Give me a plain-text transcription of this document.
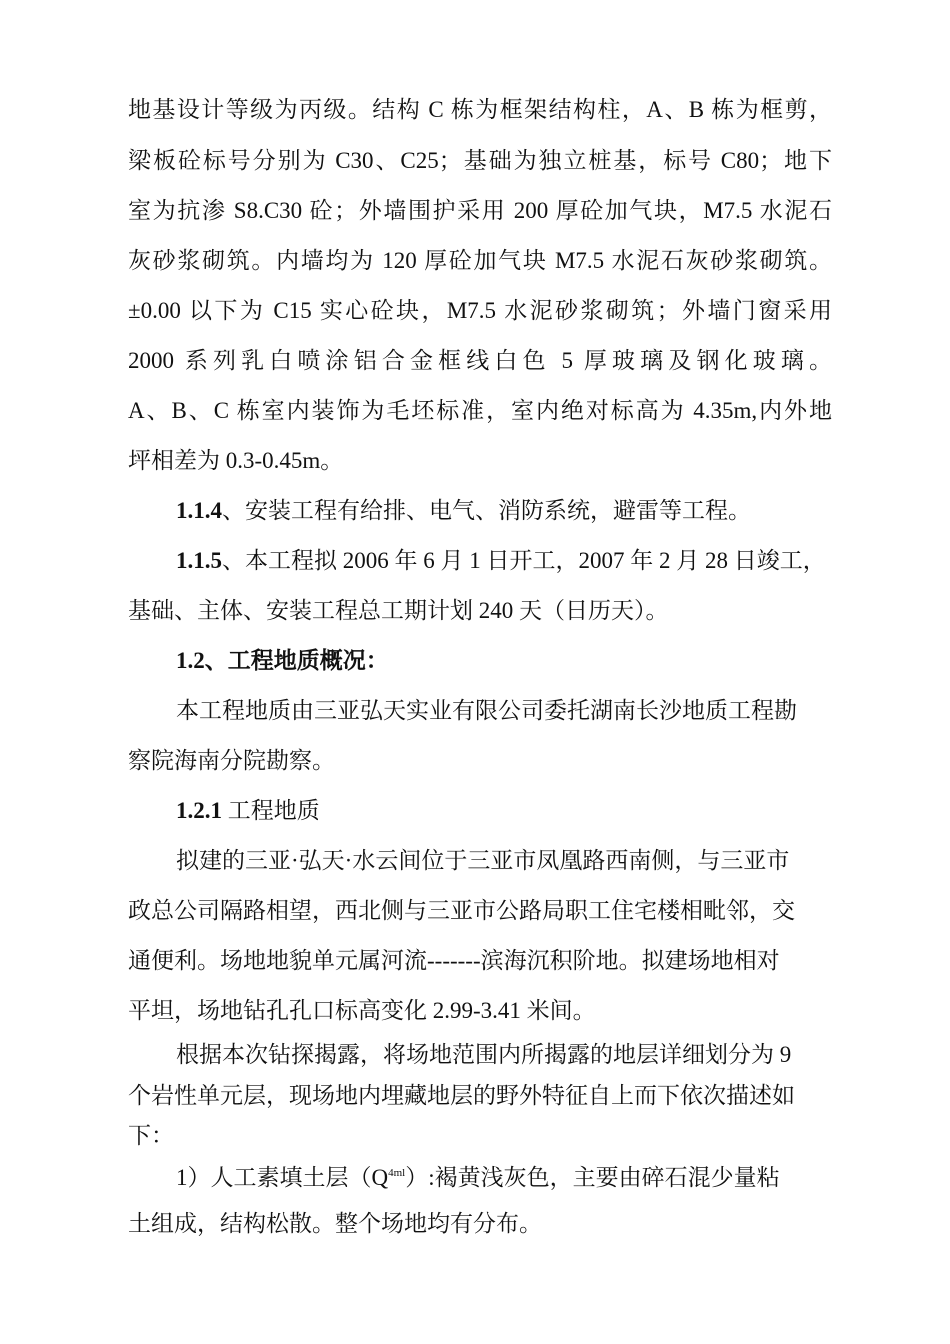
地基设计等级为丙级。结构 C 栋为框架结构柱，A、B 栋为框剪，
梁板砼标号分别为 C30、C25；基础为独立桩基，标号 C80；地下
室为抗渗 S8.C30 砼；外墙围护采用 200 厚砼加气块，M7.5 水泥石
灰砂浆砌筑。内墙均为 120 厚砼加气块 M7.5 水泥石灰砂浆砌筑。
±0.00 以下为 C15 实心砼块，M7.5 水泥砂浆砌筑；外墙门窗采用
2000 系列乳白喷涂铝合金框线白色 5 厚玻璃及钢化玻璃。
A、B、C 栋室内装饰为毛坯标准，室内绝对标高为 4.35m,内外地
坪相差为 0.3-0.45m。
1.1.4、安装工程有给排、电气、消防系统，避雷等工程。
1.1.5、本工程拟 2006 年 6 月 1 日开工，2007 年 2 月 28 日竣工，
基础、主体、安装工程总工期计划 240 天（日历天）。
1.2、工程地质概况：
本工程地质由三亚弘天实业有限公司委托湖南长沙地质工程勘
察院海南分院勘察。
1.2.1 工程地质
拟建的三亚·弘天·水云间位于三亚市凤凰路西南侧，与三亚市
政总公司隔路相望，西北侧与三亚市公路局职工住宅楼相毗邻，交
通便利。场地地貌单元属河流-------滨海沉积阶地。拟建场地相对
平坦，场地钻孔孔口标高变化 2.99-3.41 米间。
根据本次钻探揭露，将场地范围内所揭露的地层详细划分为 9
个岩性单元层，现场地内埋藏地层的野外特征自上而下依次描述如
下：
1）人工素填土层$(Q^{4ml})$:褐黄浅灰色，主要由碎石混少量粘
土组成，结构松散。整个场地均有分布。
